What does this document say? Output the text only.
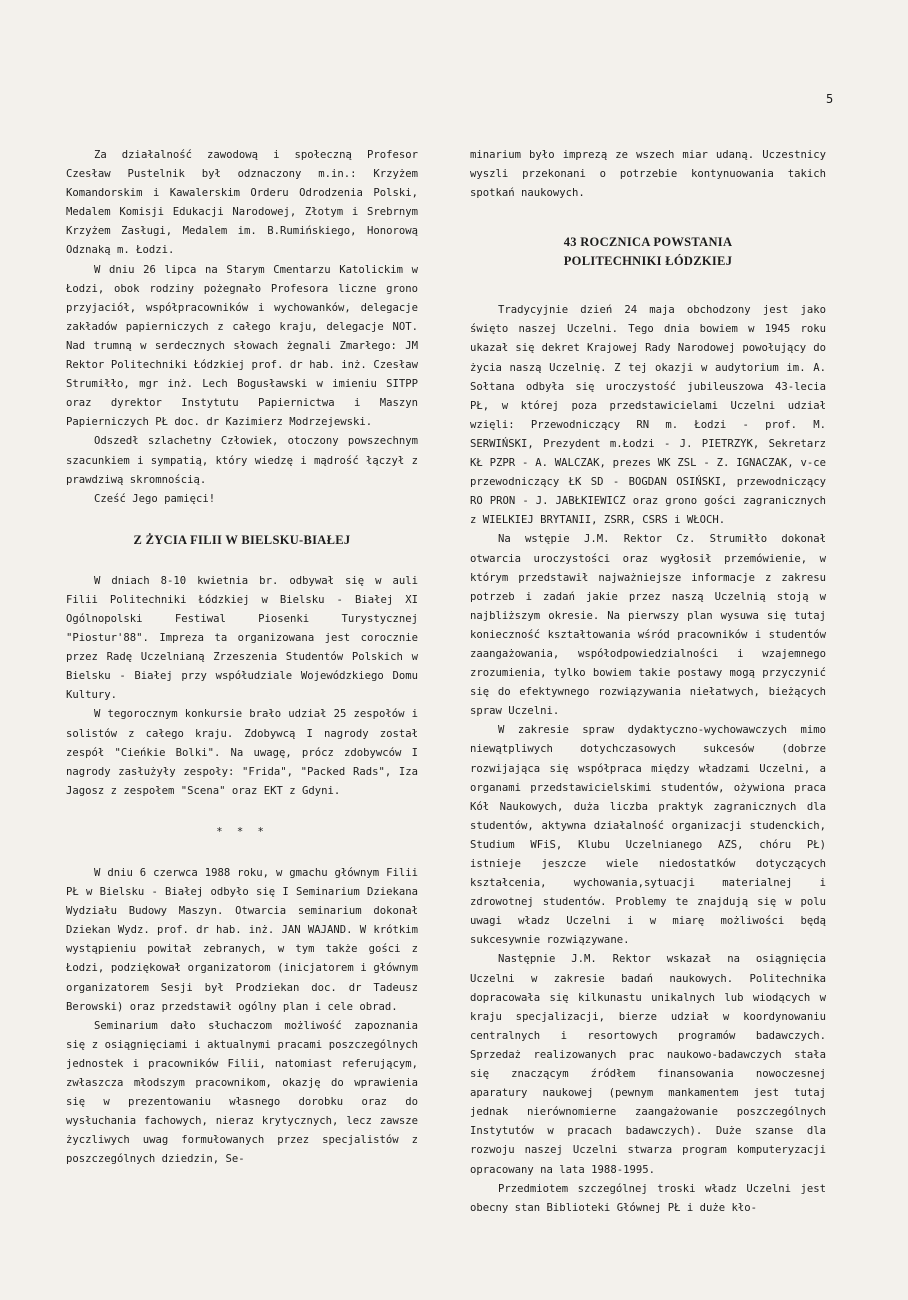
5

Za działalność zawodową i społeczną Profesor Czesław Pustelnik był odznaczony m.in.: Krzyżem Komandorskim i Kawalerskim Orderu Odrodzenia Polski, Medalem Komisji Edukacji Narodowej, Złotym i Srebrnym Krzyżem Zasługi, Medalem im. B.Rumińskiego, Honorową Odznaką m. Łodzi.

W dniu 26 lipca na Starym Cmentarzu Katolickim w Łodzi, obok rodziny pożegnało Profesora liczne grono przyjaciół, współpracowników i wychowanków, delegacje zakładów papierniczych z całego kraju, delegacje NOT. Nad trumną w serdecznych słowach żegnali Zmarłego: JM Rektor Politechniki Łódzkiej prof. dr hab. inż. Czesław Strumiłło, mgr inż. Lech Bogusławski w imieniu SITPP oraz dyrektor Instytutu Papiernictwa i Maszyn Papierniczych PŁ doc. dr Kazimierz Modrzejewski.

Odszedł szlachetny Człowiek, otoczony powszechnym szacunkiem i sympatią, który wiedzę i mądrość łączył z prawdziwą skromnością.

Cześć Jego pamięci!

Z ŻYCIA FILII W BIELSKU-BIAŁEJ

W dniach 8-10 kwietnia br. odbywał się w auli Filii Politechniki Łódzkiej w Bielsku - Białej XI Ogólnopolski Festiwal Piosenki Turystycznej "Piostur'88". Impreza ta organizowana jest corocznie przez Radę Uczelnianą Zrzeszenia Studentów Polskich w Bielsku - Białej przy współudziale Wojewódzkiego Domu Kultury.

W tegorocznym konkursie brało udział 25 zespołów i solistów z całego kraju. Zdobywcą I nagrody został zespół "Cieńkie Bolki". Na uwagę, prócz zdobywców I nagrody zasłużyły zespoły: "Frida", "Packed Rads", Iza Jagosz z zespołem "Scena" oraz EKT z Gdyni.

* * *

W dniu 6 czerwca 1988 roku, w gmachu głównym Filii PŁ w Bielsku - Białej odbyło się I Seminarium Dziekana Wydziału Budowy Maszyn. Otwarcia seminarium dokonał Dziekan Wydz. prof. dr hab. inż. JAN WAJAND. W krótkim wystąpieniu powitał zebranych, w tym także gości z Łodzi, podziękował organizatorom (inicjatorem i głównym organizatorem Sesji był Prodziekan doc. dr Tadeusz Berowski) oraz przedstawił ogólny plan i cele obrad.

Seminarium dało słuchaczom możliwość zapoznania się z osiągnięciami i aktualnymi pracami poszczególnych jednostek i pracowników Filii, natomiast referującym, zwłaszcza młodszym pracownikom, okazję do wprawienia się w prezentowaniu własnego dorobku oraz do wysłuchania fachowych, nieraz krytycznych, lecz zawsze życzliwych uwag formułowanych przez specjalistów z poszczególnych dziedzin, Se-

minarium było imprezą ze wszech miar udaną. Uczestnicy wyszli przekonani o potrzebie kontynuowania takich spotkań naukowych.

43 ROCZNICA POWSTANIA
POLITECHNIKI ŁÓDZKIEJ

Tradycyjnie dzień 24 maja obchodzony jest jako święto naszej Uczelni. Tego dnia bowiem w 1945 roku ukazał się dekret Krajowej Rady Narodowej powołujący do życia naszą Uczelnię. Z tej okazji w audytorium im. A. Sołtana odbyła się uroczystość jubileuszowa 43-lecia PŁ, w której poza przedstawicielami Uczelni udział wzięli: Przewodniczący RN m. Łodzi - prof. M. SERWIŃSKI, Prezydent m.Łodzi - J. PIETRZYK, Sekretarz KŁ PZPR - A. WALCZAK, prezes WK ZSL - Z. IGNACZAK, v-ce przewodniczący ŁK SD - BOGDAN OSIŃSKI, przewodniczący RO PRON - J. JABŁKIEWICZ oraz grono gości zagranicznych z WIELKIEJ BRYTANII, ZSRR, CSRS i WŁOCH.

Na wstępie J.M. Rektor Cz. Strumiłło dokonał otwarcia uroczystości oraz wygłosił przemówienie, w którym przedstawił najważniejsze informacje z zakresu potrzeb i zadań jakie przez naszą Uczelnią stoją w najbliższym okresie. Na pierwszy plan wysuwa się tutaj konieczność kształtowania wśród pracowników i studentów zaangażowania, współodpowiedzialności i wzajemnego zrozumienia, tylko bowiem takie postawy mogą przyczynić się do efektywnego rozwiązywania niełatwych, bieżących spraw Uczelni.

W zakresie spraw dydaktyczno-wychowawczych mimo niewątpliwych dotychczasowych sukcesów (dobrze rozwijająca się współpraca między władzami Uczelni, a organami przedstawicielskimi studentów, ożywiona praca Kół Naukowych, duża liczba praktyk zagranicznych dla studentów, aktywna działalność organizacji studenckich, Studium WFiS, Klubu Uczelnianego AZS, chóru PŁ) istnieje jeszcze wiele niedostatków dotyczących kształcenia, wychowania,sytuacji materialnej i zdrowotnej studentów. Problemy te znajdują się w polu uwagi władz Uczelni i w miarę możliwości będą sukcesywnie rozwiązywane.

Następnie J.M. Rektor wskazał na osiągnięcia Uczelni w zakresie badań naukowych. Politechnika dopracowała się kilkunastu unikalnych lub wiodących w kraju specjalizacji, bierze udział w koordynowaniu centralnych i resortowych programów badawczych. Sprzedaż realizowanych prac naukowo-badawczych stała się znaczącym źródłem finansowania nowoczesnej aparatury naukowej (pewnym mankamentem jest tutaj jednak nierównomierne zaangażowanie poszczególnych Instytutów w pracach badawczych). Duże szanse dla rozwoju naszej Uczelni stwarza program komputeryzacji opracowany na lata 1988-1995.

Przedmiotem szczególnej troski władz Uczelni jest obecny stan Biblioteki Głównej PŁ i duże kło-
